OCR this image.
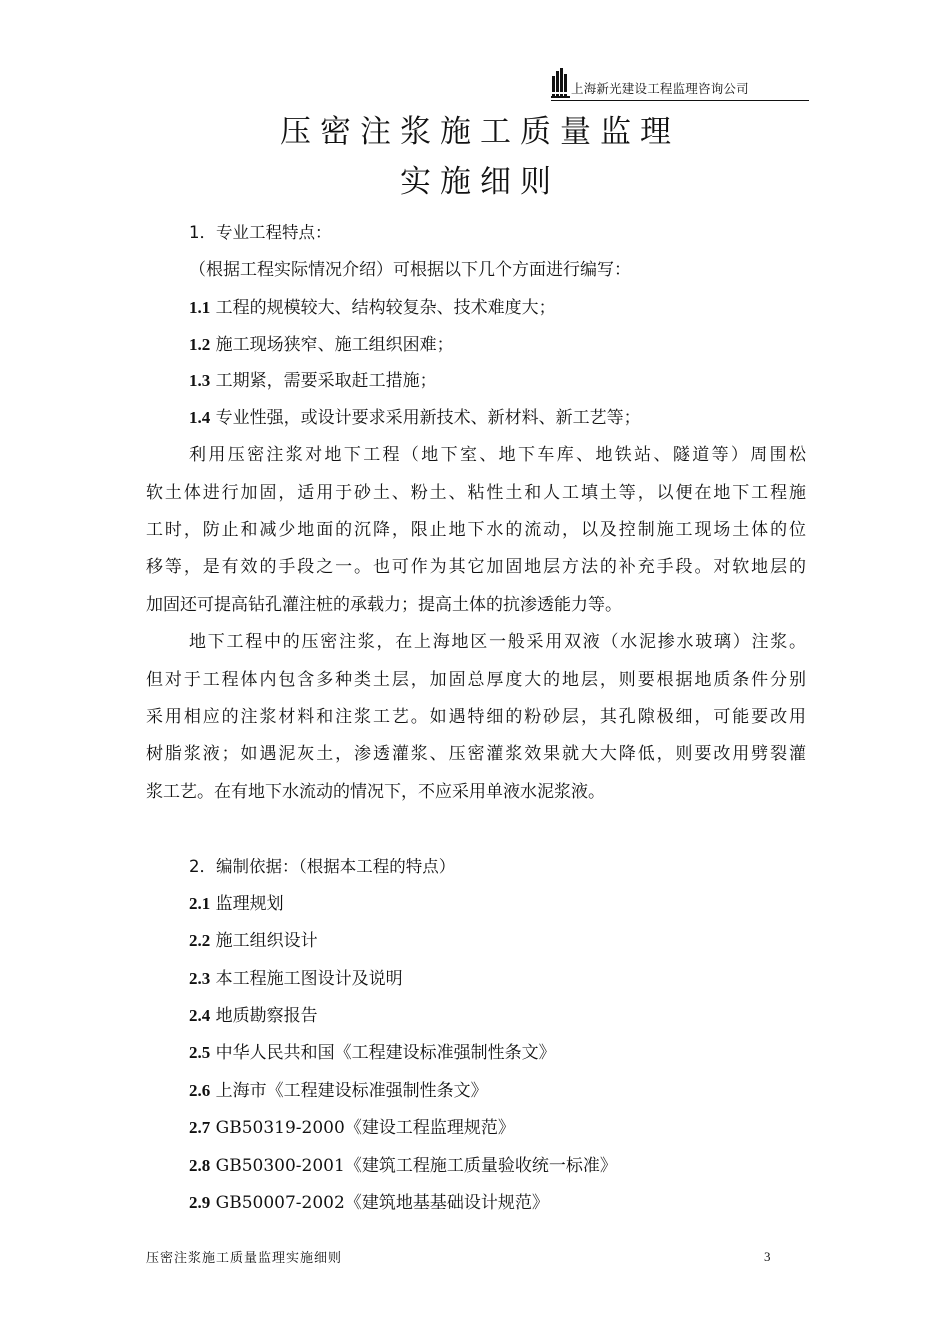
上海新光建设工程监理咨询公司
压密注浆施工质量监理
实施细则
1．专业工程特点：
（根据工程实际情况介绍）可根据以下几个方面进行编写：
1.1 工程的规模较大、结构较复杂、技术难度大；
1.2 施工现场狭窄、施工组织困难；
1.3 工期紧，需要采取赶工措施；
1.4 专业性强，或设计要求采用新技术、新材料、新工艺等；
利用压密注浆对地下工程（地下室、地下车库、地铁站、隧道等）周围松
软土体进行加固，适用于砂土、粉土、粘性土和人工填土等，以便在地下工程施
工时，防止和减少地面的沉降，限止地下水的流动，以及控制施工现场土体的位
移等，是有效的手段之一。也可作为其它加固地层方法的补充手段。对软地层的
加固还可提高钻孔灌注桩的承载力；提高土体的抗渗透能力等。
地下工程中的压密注浆，在上海地区一般采用双液（水泥掺水玻璃）注浆。
但对于工程体内包含多种类土层，加固总厚度大的地层，则要根据地质条件分别
采用相应的注浆材料和注浆工艺。如遇特细的粉砂层，其孔隙极细，可能要改用
树脂浆液；如遇泥灰土，渗透灌浆、压密灌浆效果就大大降低，则要改用劈裂灌
浆工艺。在有地下水流动的情况下，不应采用单液水泥浆液。
2．编制依据：（根据本工程的特点）
2.1 监理规划
2.2 施工组织设计
2.3 本工程施工图设计及说明
2.4 地质勘察报告
2.5 中华人民共和国《工程建设标准强制性条文》
2.6 上海市《工程建设标准强制性条文》
2.7 GB50319-2000《建设工程监理规范》
2.8 GB50300-2001《建筑工程施工质量验收统一标准》
2.9 GB50007-2002《建筑地基基础设计规范》
压密注浆施工质量监理实施细则	3
